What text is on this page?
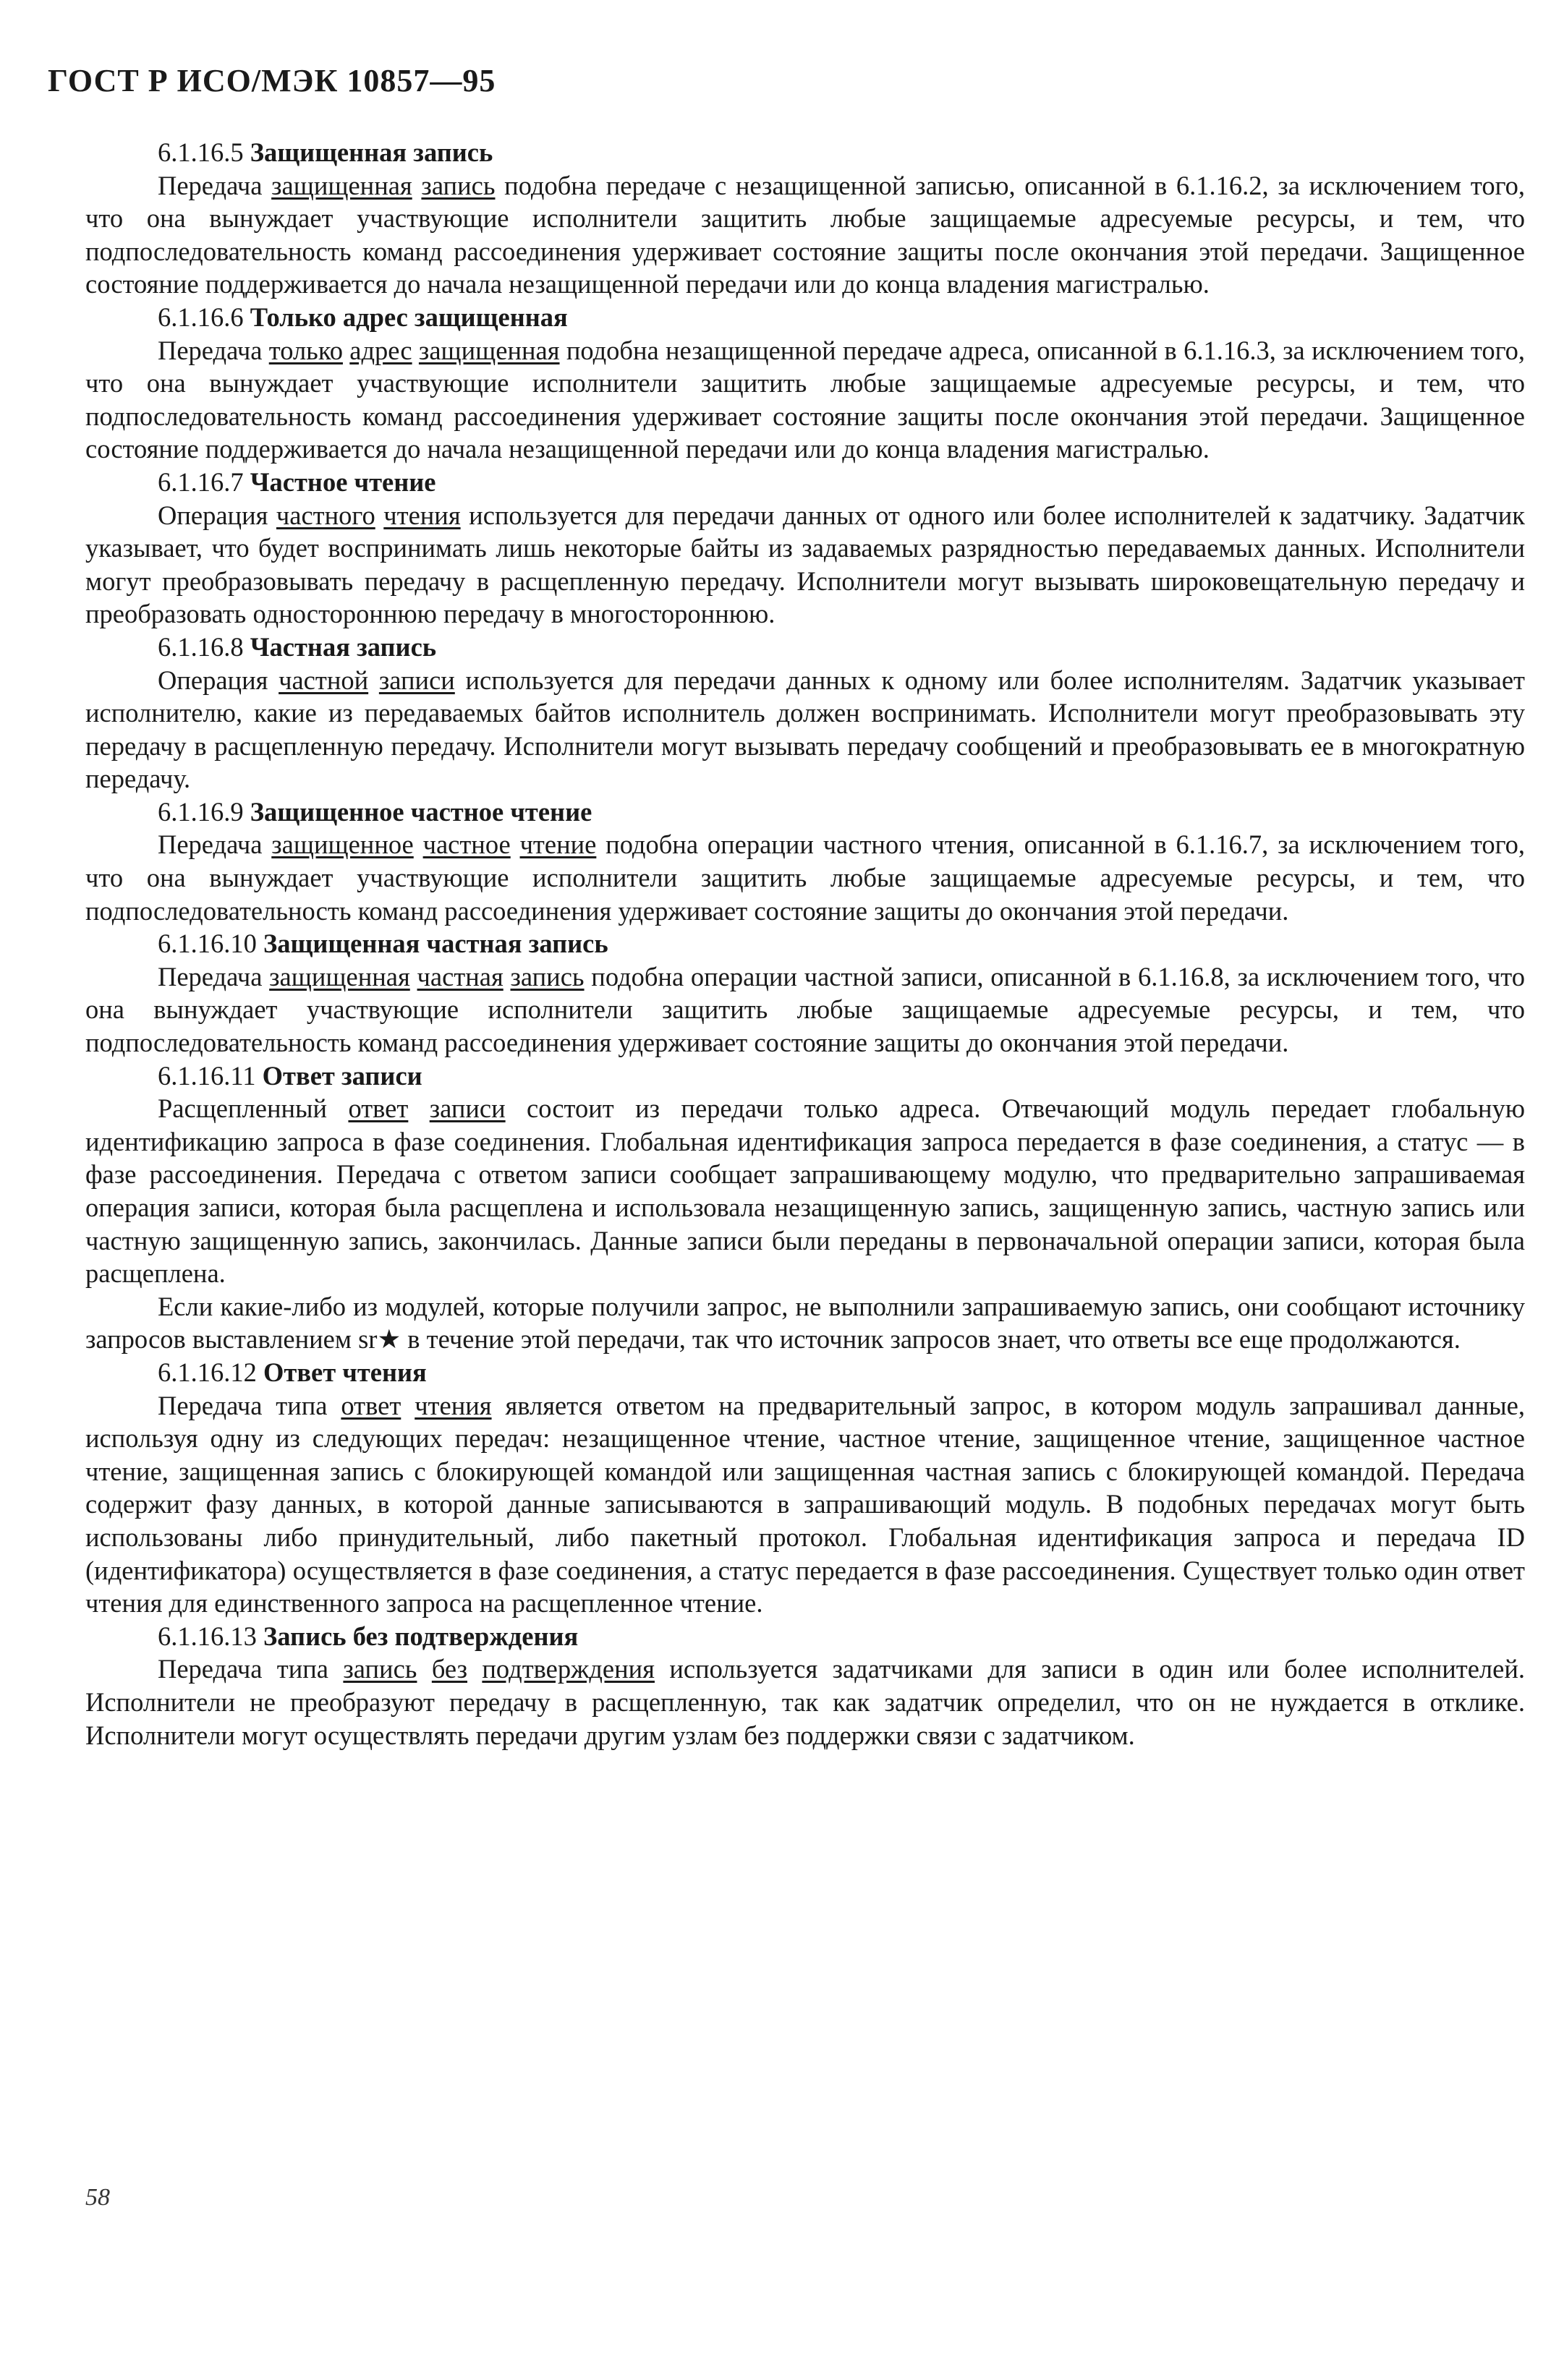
ГОСТ Р ИСО/МЭК 10857—95

6.1.16.5 Защищенная запись

Передача защищенная запись подобна передаче с незащищенной записью, описанной в 6.1.16.2, за исключением того, что она вынуждает участвующие исполнители защитить любые защищаемые адресуемые ресурсы, и тем, что подпоследовательность команд рассоединения удерживает состояние защиты после окончания этой передачи. Защищенное состояние поддерживается до начала незащищенной передачи или до конца владения магистралью.

6.1.16.6 Только адрес защищенная

Передача только адрес защищенная подобна незащищенной передаче адреса, описанной в 6.1.16.3, за исключением того, что она вынуждает участвующие исполнители защитить любые защищаемые адресуемые ресурсы, и тем, что подпоследовательность команд рассоединения удерживает состояние защиты после окончания этой передачи. Защищенное состояние поддерживается до начала незащищенной передачи или до конца владения магистралью.

6.1.16.7 Частное чтение

Операция частного чтения используется для передачи данных от одного или более исполнителей к задатчику. Задатчик указывает, что будет воспринимать лишь некоторые байты из задаваемых разрядностью передаваемых данных. Исполнители могут преобразовывать передачу в расщепленную передачу. Исполнители могут вызывать широковещательную передачу и преобразовать одностороннюю передачу в многостороннюю.

6.1.16.8 Частная запись

Операция частной записи используется для передачи данных к одному или более исполнителям. Задатчик указывает исполнителю, какие из передаваемых байтов исполнитель должен воспринимать. Исполнители могут преобразовывать эту передачу в расщепленную передачу. Исполнители могут вызывать передачу сообщений и преобразовывать ее в многократную передачу.

6.1.16.9 Защищенное частное чтение

Передача защищенное частное чтение подобна операции частного чтения, описанной в 6.1.16.7, за исключением того, что она вынуждает участвующие исполнители защитить любые защищаемые адресуемые ресурсы, и тем, что подпоследовательность команд рассоединения удерживает состояние защиты до окончания этой передачи.

6.1.16.10 Защищенная частная запись

Передача защищенная частная запись подобна операции частной записи, описанной в 6.1.16.8, за исключением того, что она вынуждает участвующие исполнители защитить любые защищаемые адресуемые ресурсы, и тем, что подпоследовательность команд рассоединения удерживает состояние защиты до окончания этой передачи.

6.1.16.11 Ответ записи

Расщепленный ответ записи состоит из передачи только адреса. Отвечающий модуль передает глобальную идентификацию запроса в фазе соединения. Глобальная идентификация запроса передается в фазе соединения, а статус — в фазе рассоединения. Передача с ответом записи сообщает запрашивающему модулю, что предварительно запрашиваемая операция записи, которая была расщеплена и использовала незащищенную запись, защищенную запись, частную запись или частную защищенную запись, закончилась. Данные записи были переданы в первоначальной операции записи, которая была расщеплена.

Если какие-либо из модулей, которые получили запрос, не выполнили запрашиваемую запись, они сообщают источнику запросов выставлением sr★ в течение этой передачи, так что источник запросов знает, что ответы все еще продолжаются.

6.1.16.12 Ответ чтения

Передача типа ответ чтения является ответом на предварительный запрос, в котором модуль запрашивал данные, используя одну из следующих передач: незащищенное чтение, частное чтение, защищенное чтение, защищенное частное чтение, защищенная запись с блокирующей командой или защищенная частная запись с блокирующей командой. Передача содержит фазу данных, в которой данные записываются в запрашивающий модуль. В подобных передачах могут быть использованы либо принудительный, либо пакетный протокол. Глобальная идентификация запроса и передача ID (идентификатора) осуществляется в фазе соединения, а статус передается в фазе рассоединения. Существует только один ответ чтения для единственного запроса на расщепленное чтение.

6.1.16.13 Запись без подтверждения

Передача типа запись без подтверждения используется задатчиками для записи в один или более исполнителей. Исполнители не преобразуют передачу в расщепленную, так как задатчик определил, что он не нуждается в отклике. Исполнители могут осуществлять передачи другим узлам без поддержки связи с задатчиком.

58
